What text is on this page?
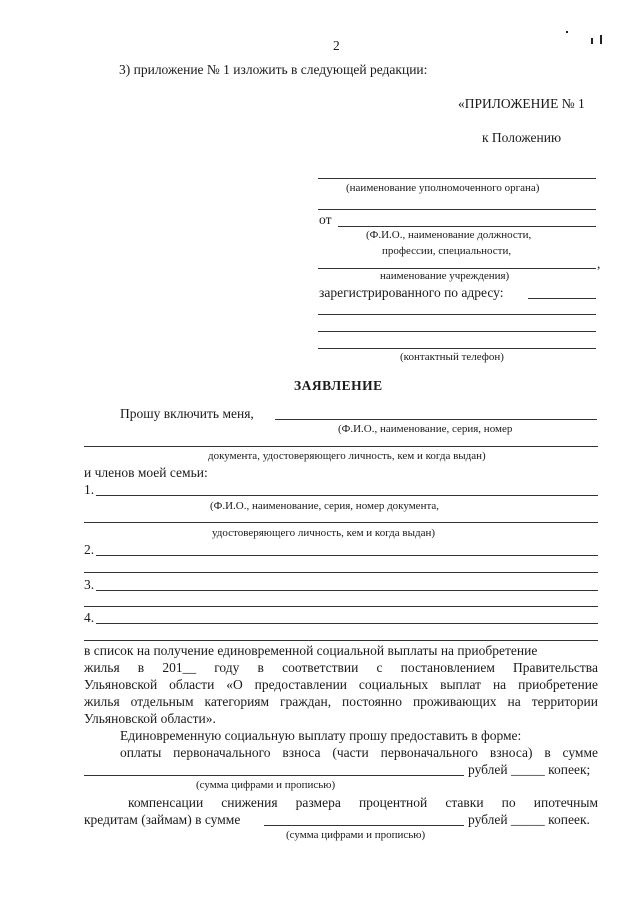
2
3) приложение № 1 изложить в следующей редакции:
«ПРИЛОЖЕНИЕ № 1
к Положению
(наименование уполномоченного органа)
от
(Ф.И.О., наименование должности,
профессии, специальности,
,
наименование учреждения)
зарегистрированного по адресу:
(контактный телефон)
ЗАЯВЛЕНИЕ
Прошу включить меня,
(Ф.И.О., наименование, серия, номер
документа, удостоверяющего личность, кем и когда выдан)
и членов моей семьи:
1.
(Ф.И.О., наименование, серия, номер документа,
удостоверяющего личность, кем и когда выдан)
2.
3.
4.
в список на получение единовременной социальной выплаты на приобретение
жилья в 201__ году в соответствии с постановлением Правительства
Ульяновской области «О предоставлении социальных выплат на приобретение
жилья отдельным категориям граждан, постоянно проживающих на территории
Ульяновской области».
Единовременную социальную выплату прошу предоставить в форме:
оплаты первоначального взноса (части первоначального взноса) в сумме
рублей _____ копеек;
(сумма цифрами и прописью)
компенсации снижения размера процентной ставки по ипотечным
кредитам (займам) в сумме	рублей _____ копеек.
(сумма цифрами и прописью)
